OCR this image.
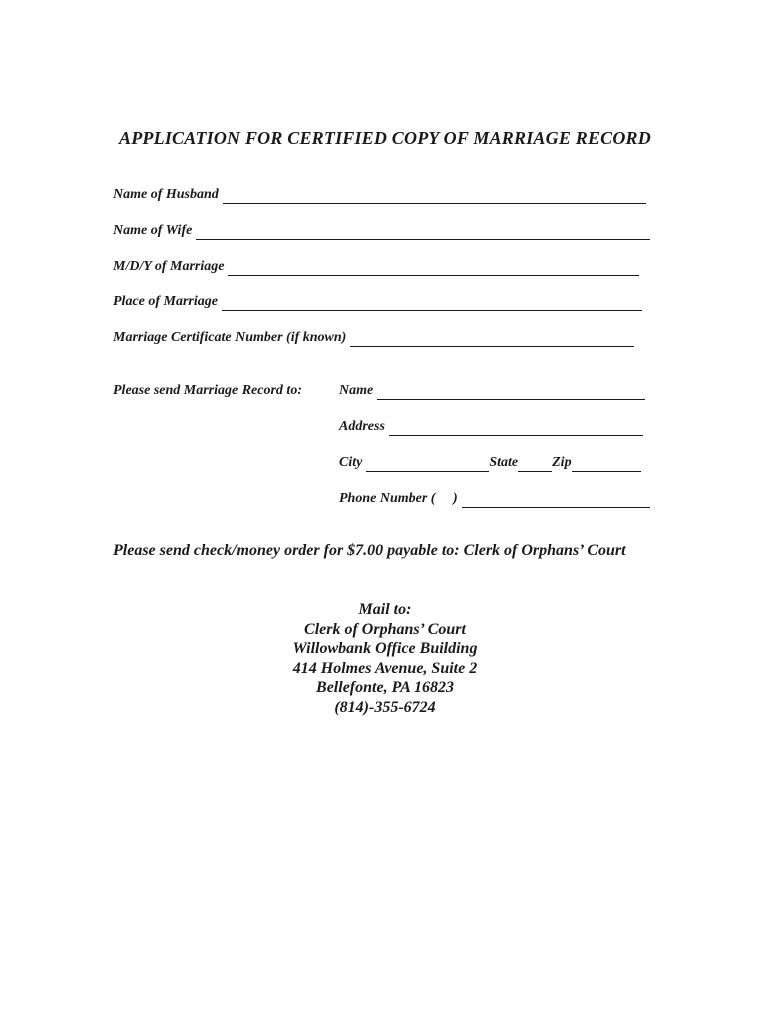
APPLICATION FOR CERTIFIED COPY OF MARRIAGE RECORD
Name of Husband
Name of Wife
M/D/Y of Marriage
Place of Marriage
Marriage Certificate Number (if known)
Please send Marriage Record to:	Name
Address
City	State Zip
Phone Number (     )
Please send check/money order for $7.00 payable to: Clerk of Orphans’ Court
Mail to:
Clerk of Orphans’ Court
Willowbank Office Building
414 Holmes Avenue, Suite 2
Bellefonte, PA 16823
(814)-355-6724
